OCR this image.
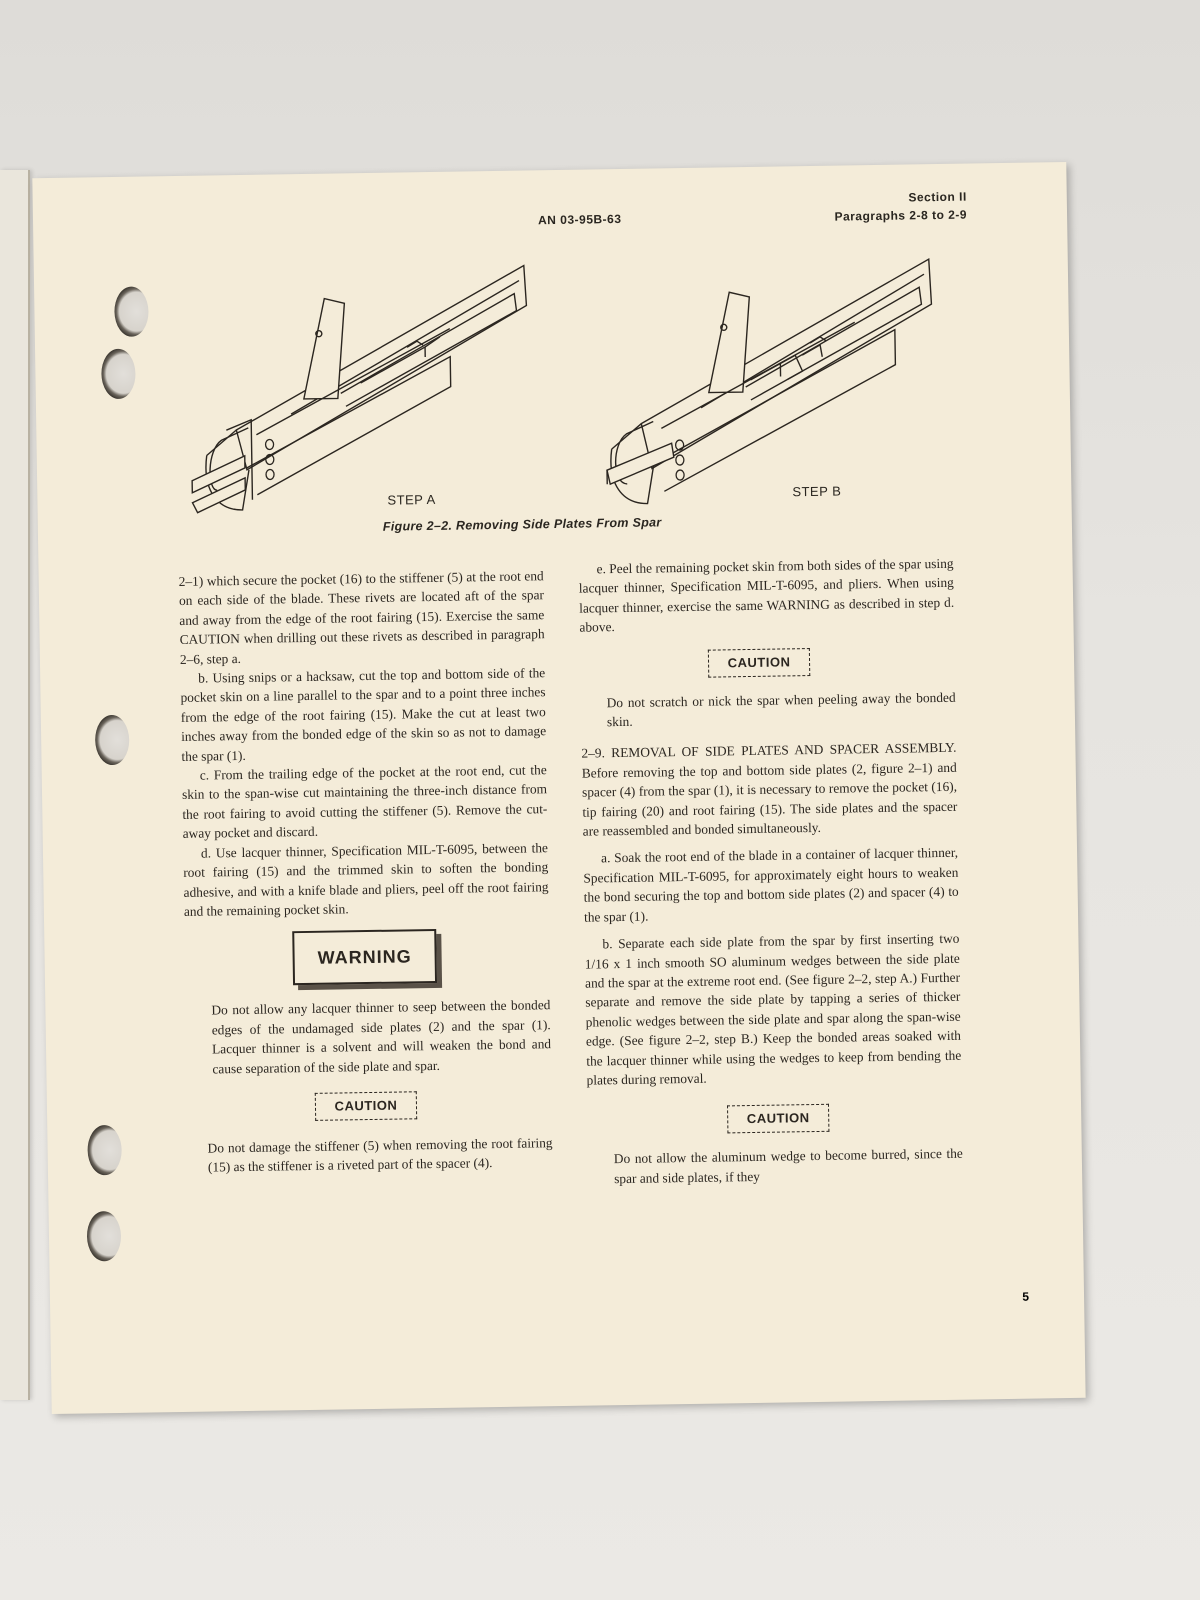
AN 03-95B-63
Section II
Paragraphs 2-8 to 2-9
STEP A
STEP B
Figure 2–2. Removing Side Plates From Spar

2–1) which secure the pocket (16) to the stiffener (5) at the root end on each side of the blade. These rivets are located aft of the spar and away from the edge of the root fairing (15). Exercise the same CAUTION when drilling out these rivets as described in paragraph 2–6, step a.

b. Using snips or a hacksaw, cut the top and bottom side of the pocket skin on a line parallel to the spar and to a point three inches from the edge of the root fairing (15). Make the cut at least two inches away from the bonded edge of the skin so as not to damage the spar (1).

c. From the trailing edge of the pocket at the root end, cut the skin to the span-wise cut maintaining the three-inch distance from the root fairing to avoid cutting the stiffener (5). Remove the cut-away pocket and discard.

d. Use lacquer thinner, Specification MIL-T-6095, between the root fairing (15) and the trimmed skin to soften the bonding adhesive, and with a knife blade and pliers, peel off the root fairing and the remaining pocket skin.

WARNING

Do not allow any lacquer thinner to seep between the bonded edges of the undamaged side plates (2) and the spar (1). Lacquer thinner is a solvent and will weaken the bond and cause separation of the side plate and spar.

CAUTION

Do not damage the stiffener (5) when removing the root fairing (15) as the stiffener is a riveted part of the spacer (4).

e. Peel the remaining pocket skin from both sides of the spar using lacquer thinner, Specification MIL-T-6095, and pliers. When using lacquer thinner, exercise the same WARNING as described in step d. above.

CAUTION

Do not scratch or nick the spar when peeling away the bonded skin.

2–9. REMOVAL OF SIDE PLATES AND SPACER ASSEMBLY. Before removing the top and bottom side plates (2, figure 2–1) and spacer (4) from the spar (1), it is necessary to remove the pocket (16), tip fairing (20) and root fairing (15). The side plates and the spacer are reassembled and bonded simultaneously.

a. Soak the root end of the blade in a container of lacquer thinner, Specification MIL-T-6095, for approximately eight hours to weaken the bond securing the top and bottom side plates (2) and spacer (4) to the spar (1).

b. Separate each side plate from the spar by first inserting two 1/16 x 1 inch smooth SO aluminum wedges between the side plate and the spar at the extreme root end. (See figure 2–2, step A.) Further separate and remove the side plate by tapping a series of thicker phenolic wedges between the side plate and spar along the span-wise edge. (See figure 2–2, step B.) Keep the bonded areas soaked with the lacquer thinner while using the wedges to keep from bending the plates during removal.

CAUTION

Do not allow the aluminum wedge to become burred, since the spar and side plates, if they

5
